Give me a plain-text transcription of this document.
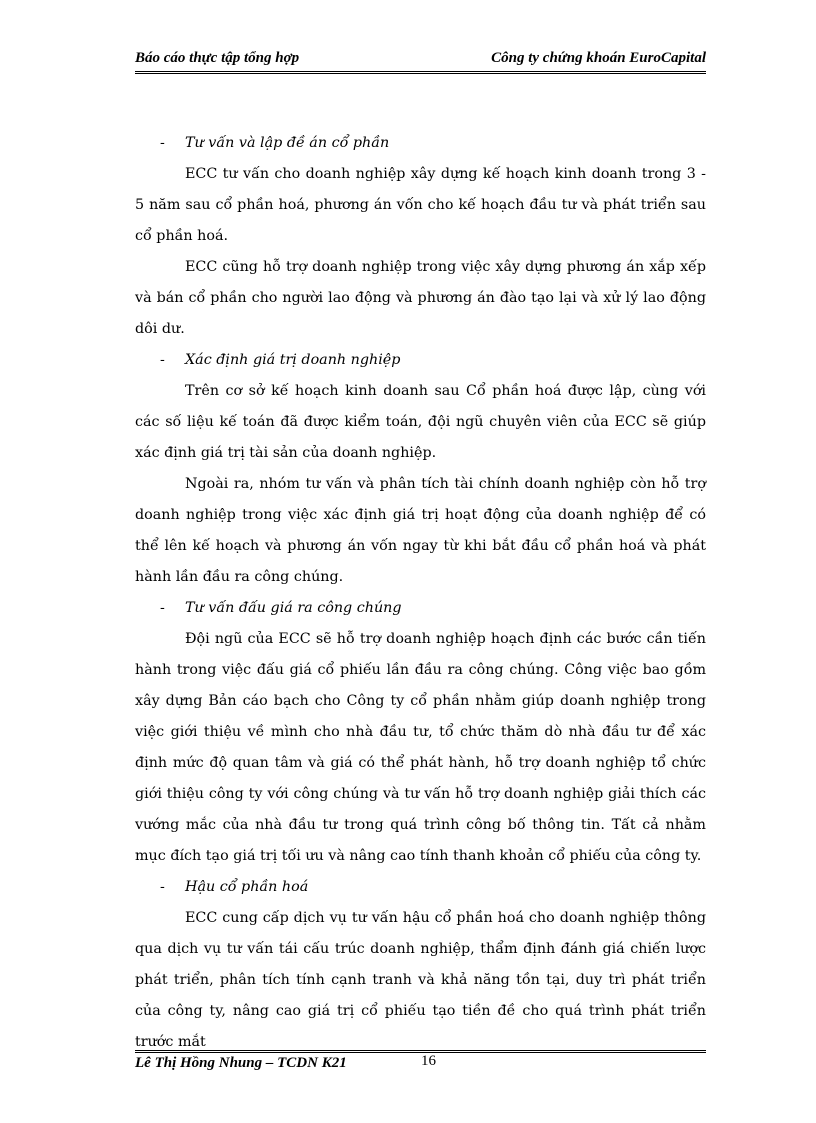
Báo cáo thực tập tổng hợp	Công ty chứng khoán EuroCapital
- Tư vấn và lập đề án cổ phần

ECC tư vấn cho doanh nghiệp xây dựng kế hoạch kinh doanh trong 3 - 5 năm sau cổ phần hoá, phương án vốn cho kế hoạch đầu tư và phát triển sau cổ phần hoá.

ECC cũng hỗ trợ doanh nghiệp trong việc xây dựng phương án xắp xếp và bán cổ phần cho người lao động và phương án đào tạo lại và xử lý lao động dôi dư.

- Xác định giá trị doanh nghiệp

Trên cơ sở kế hoạch kinh doanh sau Cổ phần hoá được lập, cùng với các số liệu kế toán đã được kiểm toán, đội ngũ chuyên viên của ECC sẽ giúp xác định giá trị tài sản của doanh nghiệp.

Ngoài ra, nhóm tư vấn và phân tích tài chính doanh nghiệp còn hỗ trợ doanh nghiệp trong việc xác định giá trị hoạt động của doanh nghiệp để có thể lên kế hoạch và phương án vốn ngay từ khi bắt đầu cổ phần hoá và phát hành lần đầu ra công chúng.

- Tư vấn đấu giá ra công chúng

Đội ngũ của ECC sẽ hỗ trợ doanh nghiệp hoạch định các bước cần tiến hành trong việc đấu giá cổ phiếu lần đầu ra công chúng. Công việc bao gồm xây dựng Bản cáo bạch cho Công ty cổ phần nhằm giúp doanh nghiệp trong việc giới thiệu về mình cho nhà đầu tư, tổ chức thăm dò nhà đầu tư để xác định mức độ quan tâm và giá có thể phát hành, hỗ trợ doanh nghiệp tổ chức giới thiệu công ty với công chúng và tư vấn hỗ trợ doanh nghiệp giải thích các vướng mắc của nhà đầu tư trong quá trình công bố thông tin. Tất cả nhằm mục đích tạo giá trị tối ưu và nâng cao tính thanh khoản cổ phiếu của công ty.

- Hậu cổ phần hoá

ECC cung cấp dịch vụ tư vấn hậu cổ phần hoá cho doanh nghiệp thông qua dịch vụ tư vấn tái cấu trúc doanh nghiệp, thẩm định đánh giá chiến lược phát triển, phân tích tính cạnh tranh và khả năng tồn tại, duy trì phát triển của công ty, nâng cao giá trị cổ phiếu tạo tiền đề cho quá trình phát triển trước mắt

Lê Thị Hồng Nhung – TCDN K21	16
